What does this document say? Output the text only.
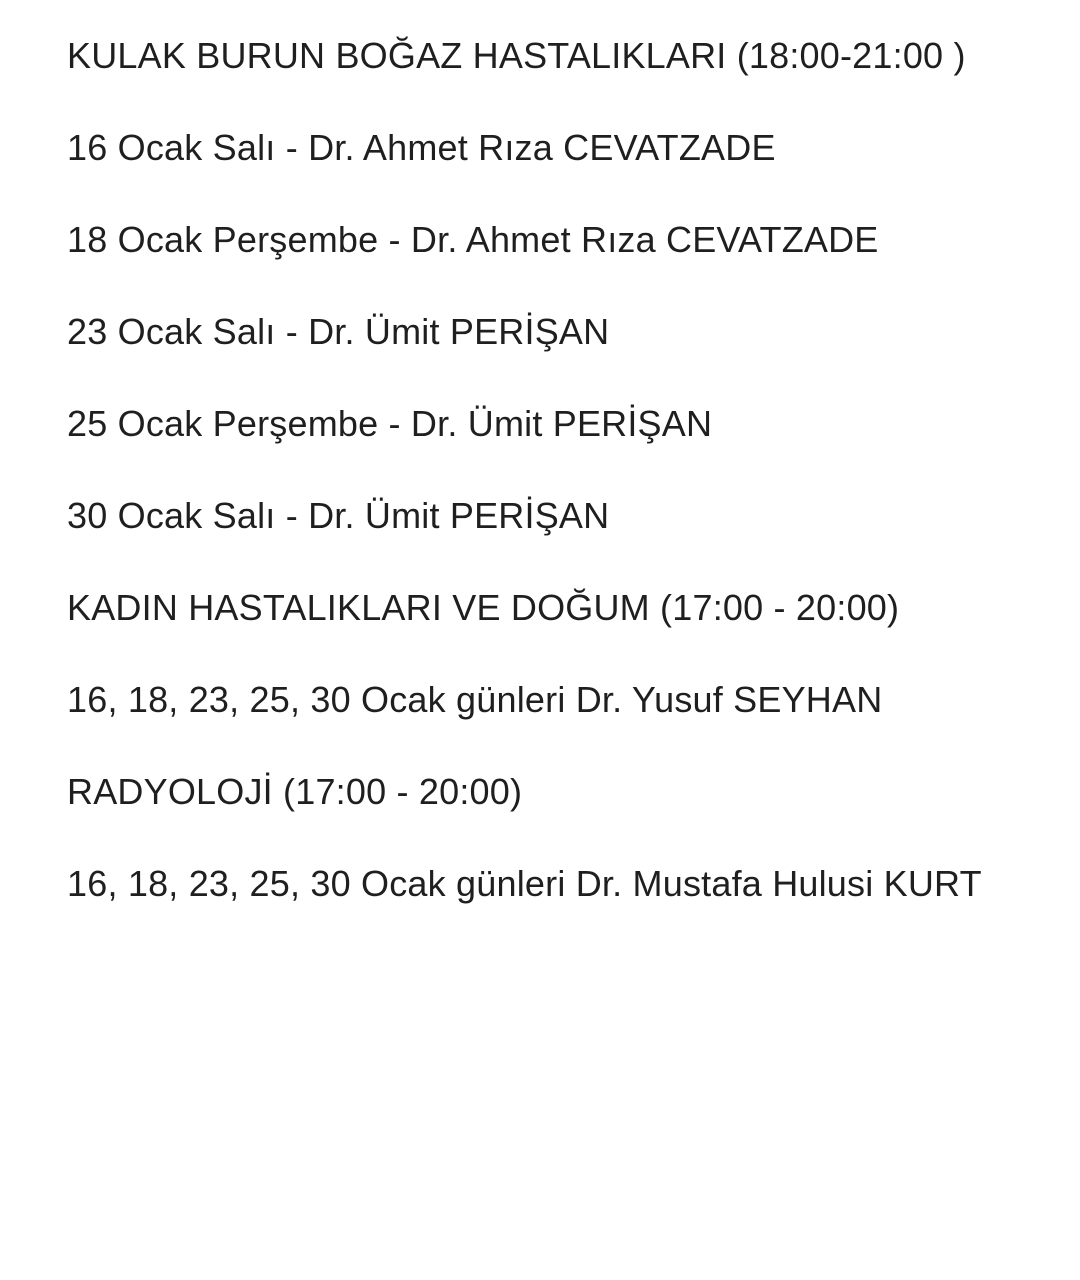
KULAK BURUN BOĞAZ HASTALIKLARI (18:00-21:00 )

16 Ocak Salı - Dr. Ahmet Rıza CEVATZADE

18 Ocak Perşembe - Dr. Ahmet Rıza CEVATZADE

23 Ocak Salı - Dr. Ümit PERİŞAN

25 Ocak Perşembe - Dr. Ümit PERİŞAN

30 Ocak Salı - Dr. Ümit PERİŞAN

KADIN HASTALIKLARI VE DOĞUM (17:00 - 20:00)

16, 18, 23, 25, 30 Ocak günleri Dr. Yusuf SEYHAN

RADYOLOJİ (17:00 - 20:00)

16, 18, 23, 25, 30 Ocak günleri Dr. Mustafa Hulusi KURT
